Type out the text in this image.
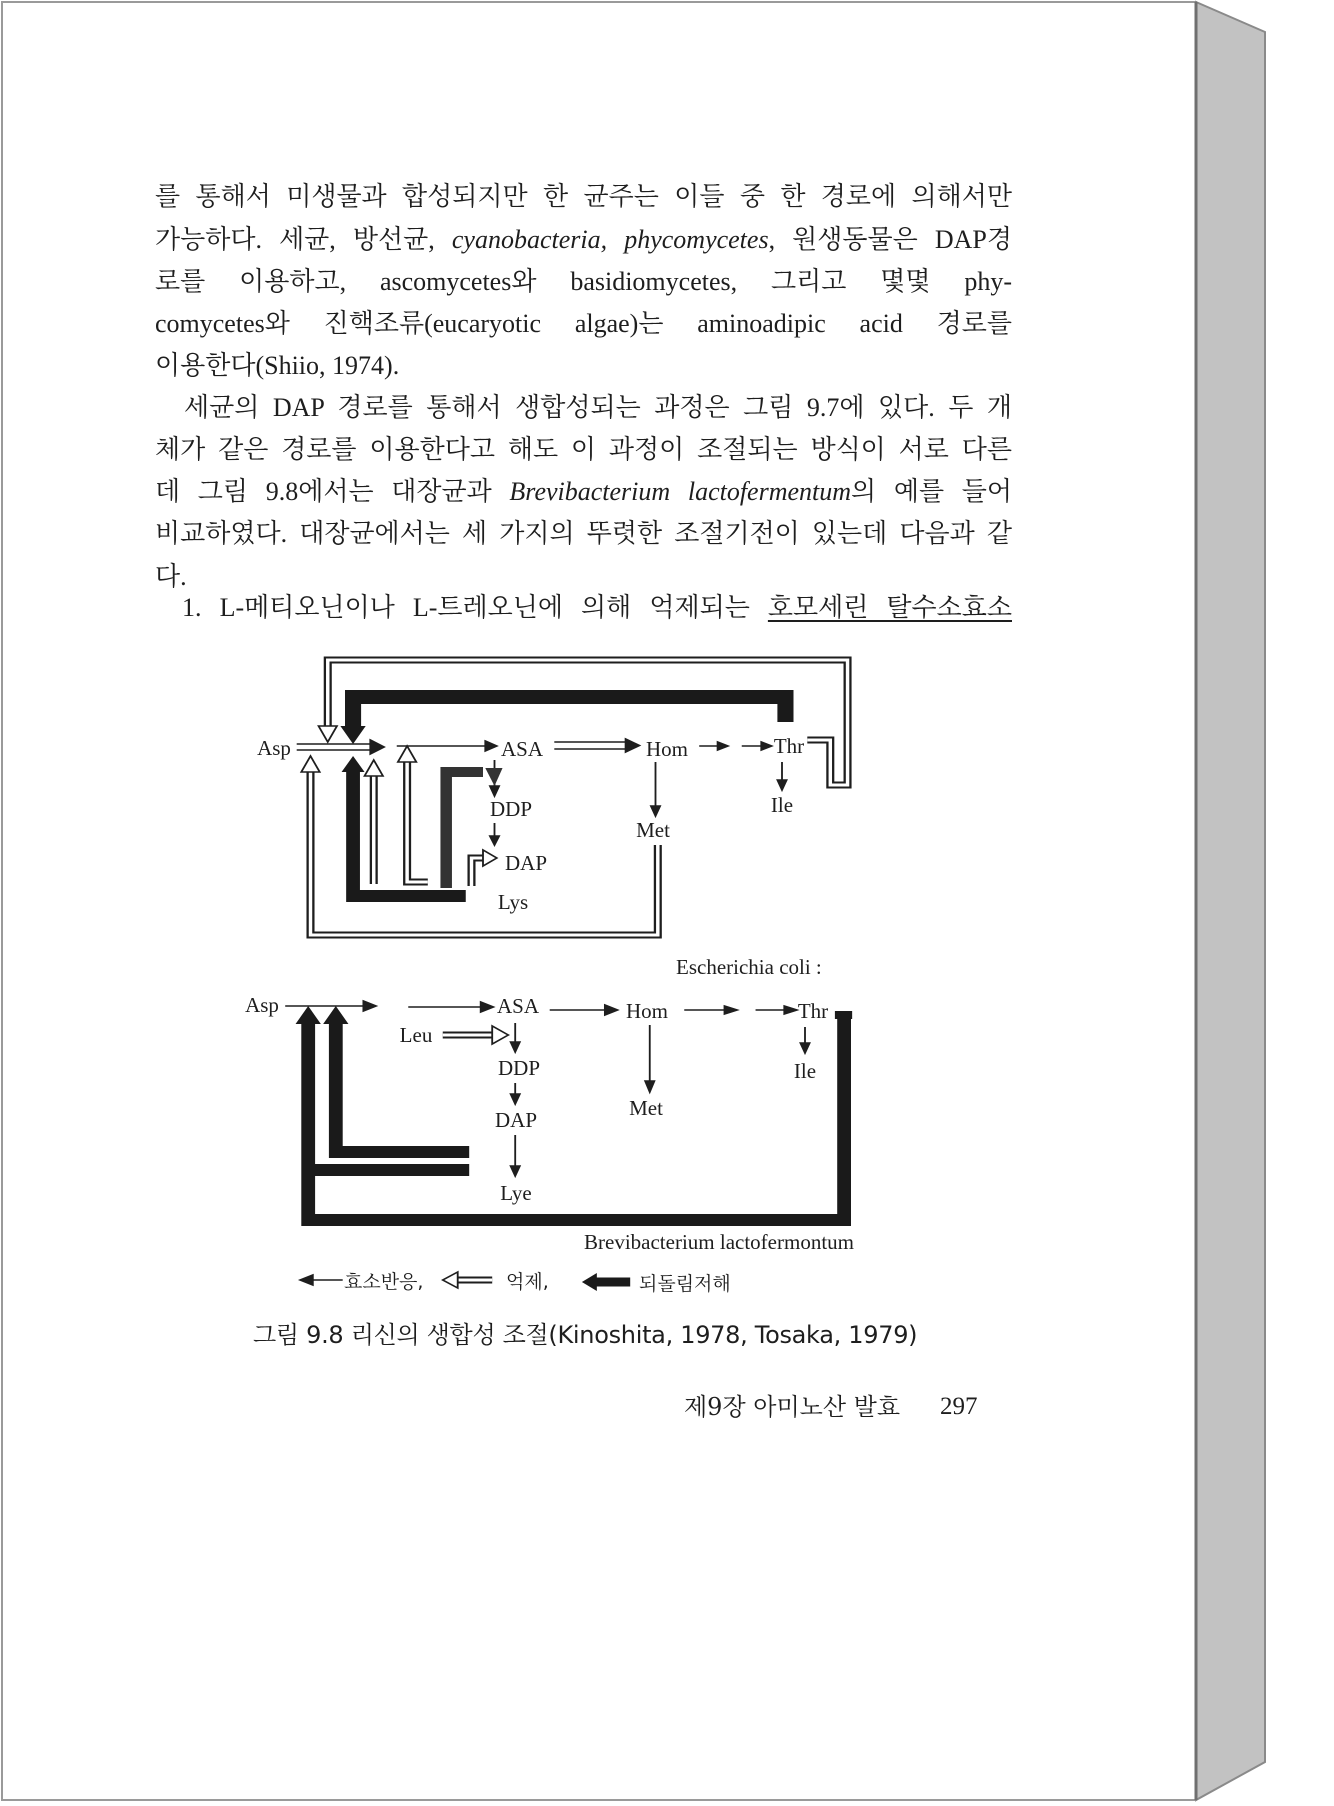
를 통해서 미생물과 합성되지만 한 균주는 이들 중 한 경로에 의해서만
가능하다. 세균, 방선균, cyanobacteria, phycomycetes, 원생동물은 DAP경
로를 이용하고, ascomycetes와 basidiomycetes, 그리고 몇몇 phy-
comycetes와 진핵조류(eucaryotic algae)는 aminoadipic acid 경로를
이용한다(Shiio, 1974).
세균의 DAP 경로를 통해서 생합성되는 과정은 그림 9.7에 있다. 두 개
체가 같은 경로를 이용한다고 해도 이 과정이 조절되는 방식이 서로 다른
데 그림 9.8에서는 대장균과 Brevibacterium lactofermentum의 예를 들어
비교하였다. 대장균에서는 세 가지의 뚜렷한 조절기전이 있는데 다음과 같
다.
1. L-메티오닌이나 L-트레오닌에 의해 억제되는 호모세린 탈수소효소
Asp	ASA	Hom	Thr
Ile
DDP
Met
DAP
Lys
Escherichia coli :
Asp	ASA	Hom	Thr
Leu
DDP	Ile
Met
DAP
Lye
Brevibacterium lactofermontum
효소반응,	억제,	되돌림저해
그림 9.8 리신의 생합성 조절(Kinoshita, 1978, Tosaka, 1979)
제9장 아미노산 발효 297
